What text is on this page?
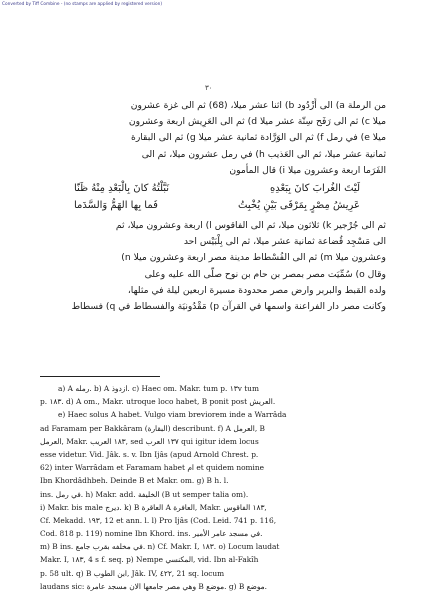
Converted by Tiff Combine - (no stamps are applied by registered version)
٣٠
من الرملة a) الى أَزْدُود b) اثنا عشر ميلا، (68) ثم الى غزة عشرون
ميلا c) ثم الى رَفَح سِتّة عشر ميلا d) ثم الى العَرِيش اربعة وعشرون
ميلا e) في رمل f) ثم الى الوَرَّادة ثمانية عشر ميلا g) ثم الى البقارة
ثمانية عشر ميلا، ثم الى العَذيب h) في رمل عشرون ميلا، ثم الى
الفَرَما اربعة وعشرون ميلا i) قال المأمون
لَيْتَ الغُرابَ كانَ بِبَعْدِهِ
نَبَّلْتُهُ كانَ بِالْبَعْدِ مِنْهُ ظَنّا
عَرِيشُ مِصْرٍ بِمَرْفَى بَيْنِ يُخْبِتُ
فَما بِها الهَمُّ وَالسَّدَما
ثم الى جُرْجير k) ثلاثون ميلا، ثم الى الفاقوس l) اربعة وعشرون ميلا، ثم
الى مَسْجِد قُضاعة ثمانية عشر ميلا، ثم الى بِلْبَيْس احد
وعشرون ميلا m) ثم الى الفُسْطاط مدينة مصر اربعة وعشرون ميلا n)
وقال o) سُمِّيَت مصر بمصر بن حام بن نوح صلّى الله عليه وعلى
ولده القبط والبربر وارض مصر محدودة مسيرة اربعين ليلة في مثلها،
وكانت مصر دار الفراعنة واسمها في القرآن p) مَقْدُونيَة والفسطاط في q) فسطاط
a) A رمله. b) A ازدوذ. c) Haec om. Makr. tum p. ١٣v tum
p. ١٨٣. d) A om., Makr. utroque loco habet, B ponit post العريش.
e) Haec solus A habet. Vulgo viam breviorem inde a Warrâda
ad Faramam per Bakkâram (البقارة) describunt. f) A العرمل, B
العرمل, Makr. ١٨٣ العريب, sed ١٣٧ العرب qui igitur idem locus
esse videtur. Vid. Jâk. s. v. Ibn Ijâs (apud Arnold Chrest. p.
62) inter Warrâdam et Faramam habet ام et quidem nomine
Ibn Khordâdhbeh. Deinde B et Makr. om. g) B h. l.
ins. في رمل. h) Makr. add. الخليفة (B ut semper talia om).
i) Makr. bis male ديرج. k) B العاقرة A العافرة, Makr. ١٨٣ الفاقوس,
Cf. Mekadd. ١٩٣, 12 et ann. l. l) Pro Ijâs (Cod. Leid. 741 p. 116,
Cod. 818 p. 119) nomine Ibn Khord. ins. في مسجد عامر الأمير.
m) B ins. في مخلفه بقرب جامع. n) Cf. Makr. I, ١٨٣. o) Locum laudat
Makr. I, ١٨٣, 4 s f. seq. p) Nempe المكنسي, vid. Ibn al-Fakîh
p. 58 ult. q) B ابن الطوب, Jâk. IV, ٤٢٢, 21 sq. locum
laudans sic: وهي مصر جامعها الان مسجد عامرة B موضع. g) B موضع.
